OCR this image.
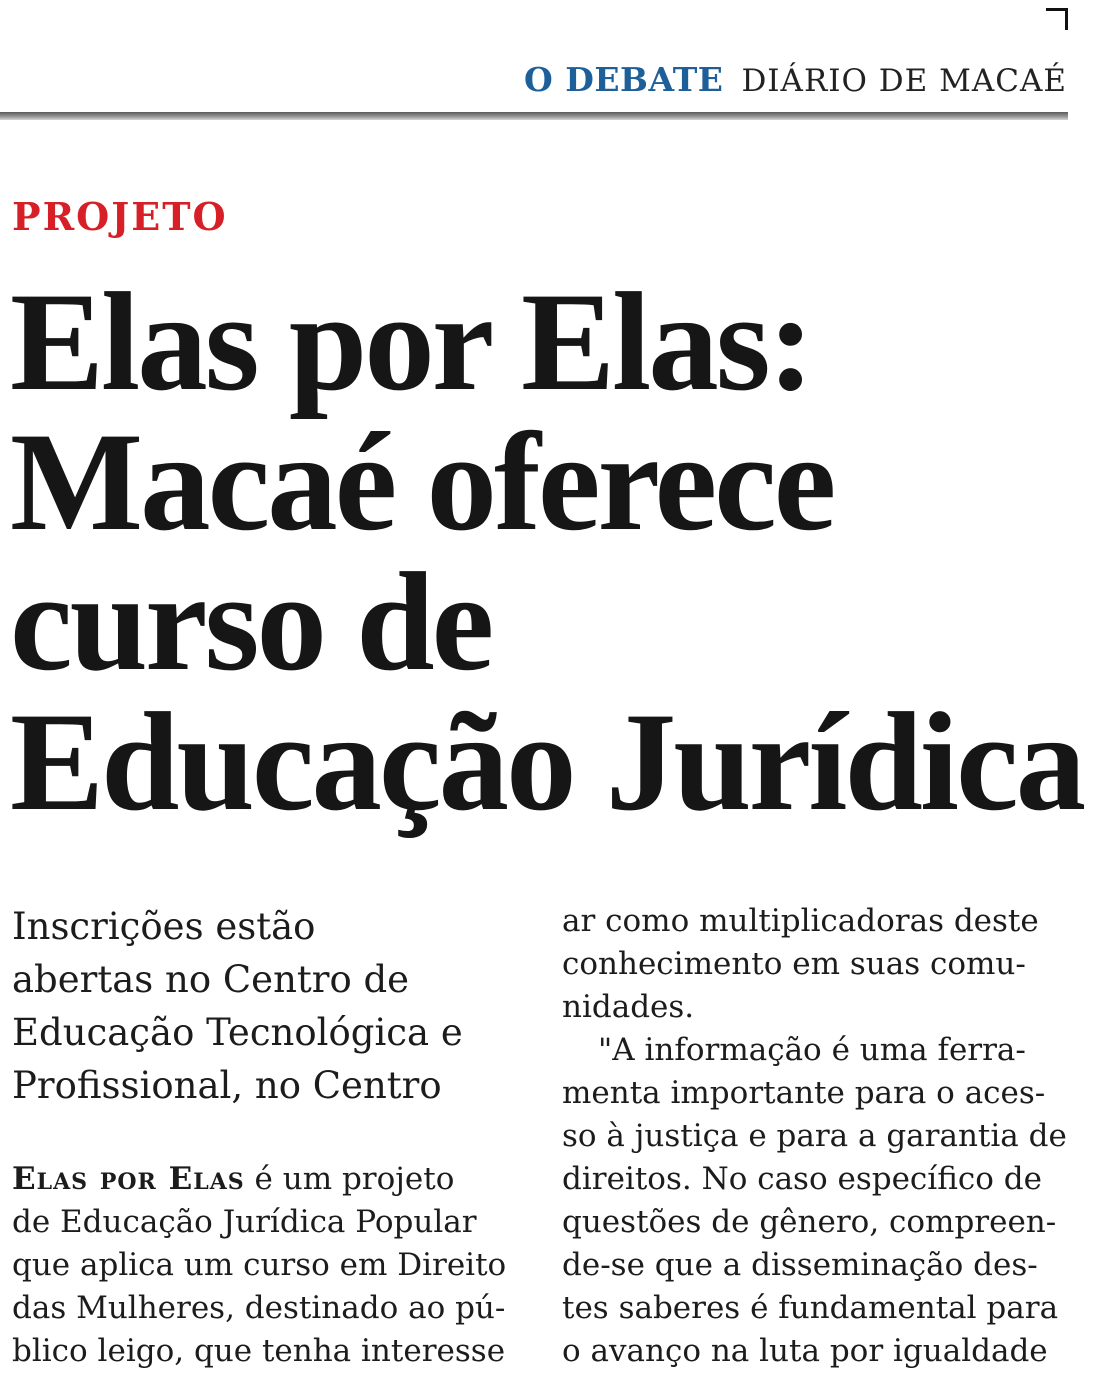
O DEBATE DIÁRIO DE MACAÉ
PROJETO
Elas por Elas:
Macaé oferece
curso de
Educação Jurídica

Inscrições estão
abertas no Centro de
Educação Tecnológica e
Profissional, no Centro

Elas por Elas é um projeto
de Educação Jurídica Popular
que aplica um curso em Direito
das Mulheres, destinado ao pú-
blico leigo, que tenha interesse

ar como multiplicadoras deste
conhecimento em suas comu-
nidades.

"A informação é uma ferra-
menta importante para o aces-
so à justiça e para a garantia de
direitos. No caso específico de
questões de gênero, compreen-
de-se que a disseminação des-
tes saberes é fundamental para
o avanço na luta por igualdade
